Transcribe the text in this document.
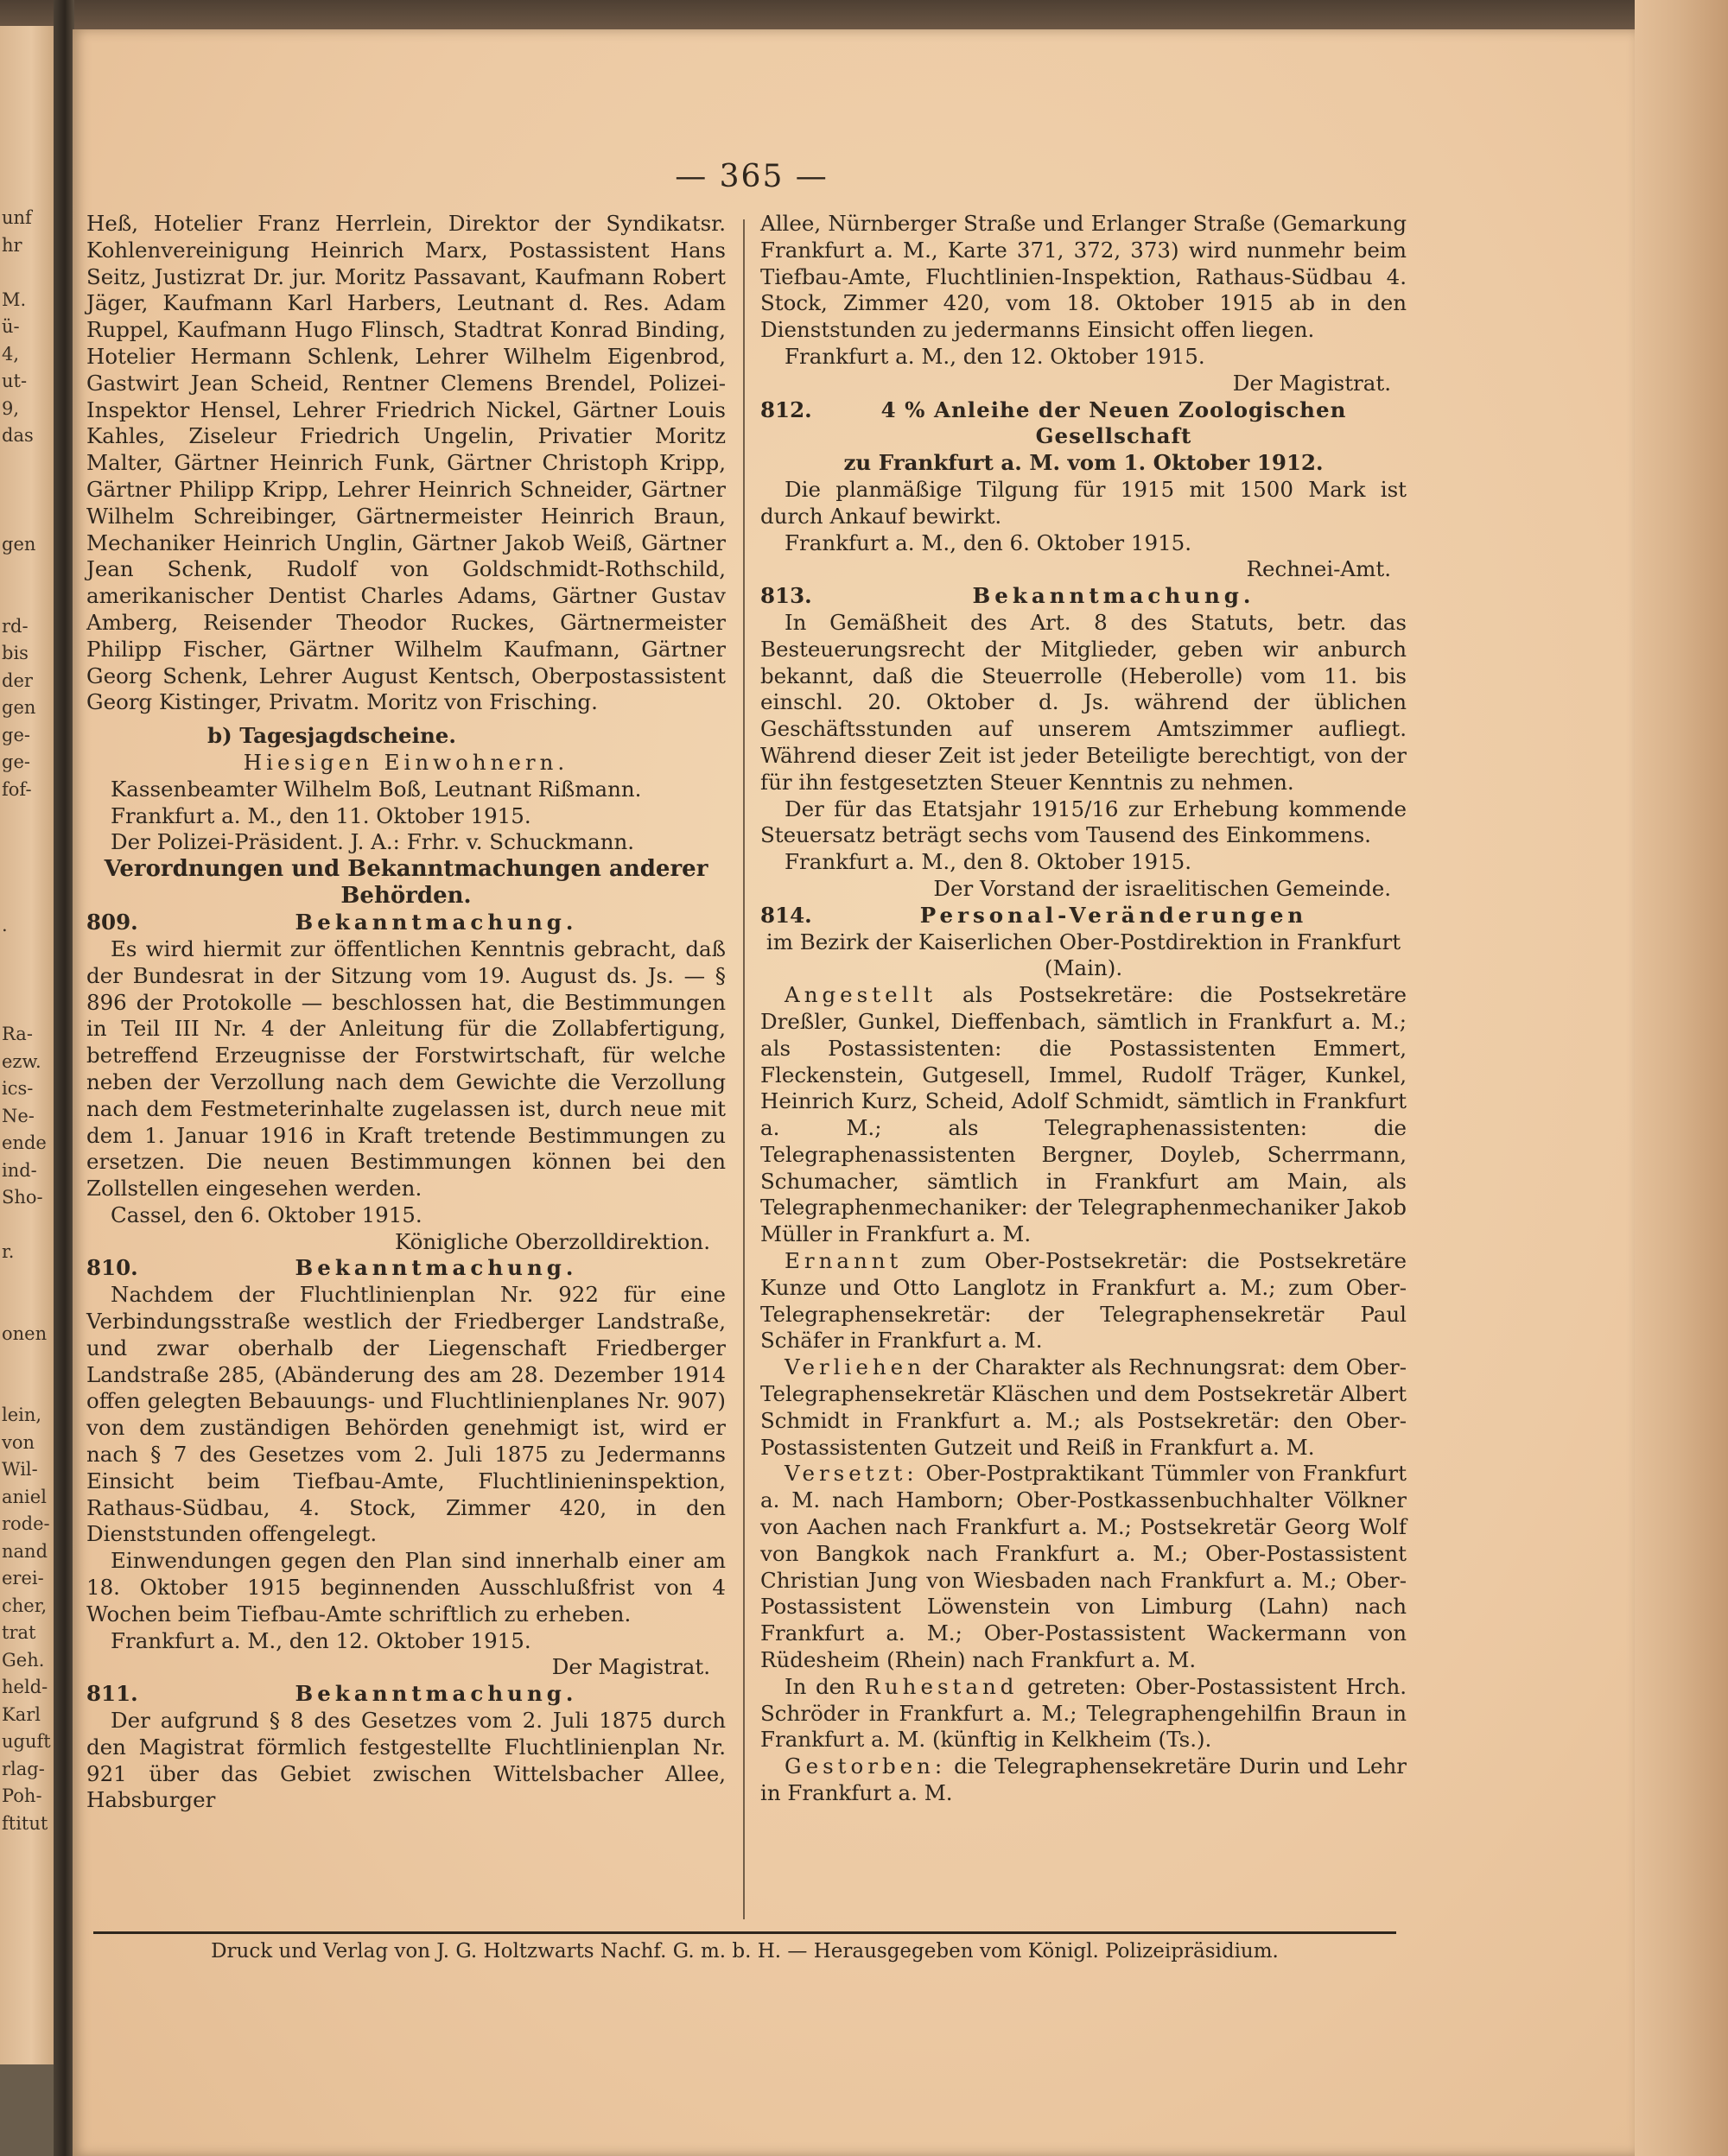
unf
hr
M.
ü-
4,
ut-
9,
das
gen
rd-
bis
der
gen
ge-
ge-
fof-
.
Ra-
ezw.
ics-
Ne-
ende
ind-
Sho-
r.
onen
lein,
von
Wil-
aniel
rode-
nand
erei-
cher,
trat
Geh.
held-
Karl
uguft
rlag-
Poh-
ftitut
— 365 —

Heß, Hotelier Franz Herrlein, Direktor der Syndikatsr. Kohlenvereinigung Heinrich Marx, Postassistent Hans Seitz, Justizrat Dr. jur. Moritz Passavant, Kaufmann Robert Jäger, Kaufmann Karl Harbers, Leutnant d. Res. Adam Ruppel, Kaufmann Hugo Flinsch, Stadtrat Konrad Binding, Hotelier Hermann Schlenk, Lehrer Wilhelm Eigenbrod, Gastwirt Jean Scheid, Rentner Clemens Brendel, Polizei-Inspektor Hensel, Lehrer Friedrich Nickel, Gärtner Louis Kahles, Ziseleur Friedrich Ungelin, Privatier Moritz Malter, Gärtner Heinrich Funk, Gärtner Christoph Kripp, Gärtner Philipp Kripp, Lehrer Heinrich Schneider, Gärtner Wilhelm Schreibinger, Gärtnermeister Heinrich Braun, Mechaniker Heinrich Unglin, Gärtner Jakob Weiß, Gärtner Jean Schenk, Rudolf von Goldschmidt-Rothschild, amerikanischer Dentist Charles Adams, Gärtner Gustav Amberg, Reisender Theodor Ruckes, Gärtnermeister Philipp Fischer, Gärtner Wilhelm Kaufmann, Gärtner Georg Schenk, Lehrer August Kentsch, Oberpostassistent Georg Kistinger, Privatm. Moritz von Frisching.

b) Tagesjagdscheine.
Hiesigen Einwohnern.

Kassenbeamter Wilhelm Boß, Leutnant Rißmann.

Frankfurt a. M., den 11. Oktober 1915.

Der Polizei-Präsident. J. A.: Frhr. v. Schuckmann.

Verordnungen und Bekanntmachungen anderer Behörden.
809.	Bekanntmachung.

Es wird hiermit zur öffentlichen Kenntnis gebracht, daß der Bundesrat in der Sitzung vom 19. August ds. Js. — § 896 der Protokolle — beschlossen hat, die Bestimmungen in Teil III Nr. 4 der Anleitung für die Zollabfertigung, betreffend Erzeugnisse der Forstwirtschaft, für welche neben der Verzollung nach dem Gewichte die Verzollung nach dem Festmeterinhalte zugelassen ist, durch neue mit dem 1. Januar 1916 in Kraft tretende Bestimmungen zu ersetzen. Die neuen Bestimmungen können bei den Zollstellen eingesehen werden.

Cassel, den 6. Oktober 1915.

Königliche Oberzolldirektion.
810.	Bekanntmachung.

Nachdem der Fluchtlinienplan Nr. 922 für eine Verbindungsstraße westlich der Friedberger Landstraße, und zwar oberhalb der Liegenschaft Friedberger Landstraße 285, (Abänderung des am 28. Dezember 1914 offen gelegten Bebauungs- und Fluchtlinienplanes Nr. 907) von dem zuständigen Behörden genehmigt ist, wird er nach § 7 des Gesetzes vom 2. Juli 1875 zu Jedermanns Einsicht beim Tiefbau-Amte, Fluchtlinieninspektion, Rathaus-Südbau, 4. Stock, Zimmer 420, in den Dienststunden offengelegt.

Einwendungen gegen den Plan sind innerhalb einer am 18. Oktober 1915 beginnenden Ausschlußfrist von 4 Wochen beim Tiefbau-Amte schriftlich zu erheben.

Frankfurt a. M., den 12. Oktober 1915.

Der Magistrat.
811.	Bekanntmachung.

Der aufgrund § 8 des Gesetzes vom 2. Juli 1875 durch den Magistrat förmlich festgestellte Fluchtlinienplan Nr. 921 über das Gebiet zwischen Wittelsbacher Allee, Habsburger

Allee, Nürnberger Straße und Erlanger Straße (Gemarkung Frankfurt a. M., Karte 371, 372, 373) wird nunmehr beim Tiefbau-Amte, Fluchtlinien-Inspektion, Rathaus-Südbau 4. Stock, Zimmer 420, vom 18. Oktober 1915 ab in den Dienststunden zu jedermanns Einsicht offen liegen.

Frankfurt a. M., den 12. Oktober 1915.

Der Magistrat.
812.	4 % Anleihe der Neuen Zoologischen Gesellschaft
zu Frankfurt a. M. vom 1. Oktober 1912.

Die planmäßige Tilgung für 1915 mit 1500 Mark ist durch Ankauf bewirkt.

Frankfurt a. M., den 6. Oktober 1915.

Rechnei-Amt.
813.	Bekanntmachung.

In Gemäßheit des Art. 8 des Statuts, betr. das Besteuerungsrecht der Mitglieder, geben wir anburch bekannt, daß die Steuerrolle (Heberolle) vom 11. bis einschl. 20. Oktober d. Js. während der üblichen Geschäftsstunden auf unserem Amtszimmer aufliegt. Während dieser Zeit ist jeder Beteiligte berechtigt, von der für ihn festgesetzten Steuer Kenntnis zu nehmen.

Der für das Etatsjahr 1915/16 zur Erhebung kommende Steuersatz beträgt sechs vom Tausend des Einkommens.

Frankfurt a. M., den 8. Oktober 1915.

Der Vorstand der israelitischen Gemeinde.
814.	Personal-Veränderungen
im Bezirk der Kaiserlichen Ober-Postdirektion in Frankfurt (Main).

Angestellt als Postsekretäre: die Postsekretäre Dreßler, Gunkel, Dieffenbach, sämtlich in Frankfurt a. M.; als Postassistenten: die Postassistenten Emmert, Fleckenstein, Gutgesell, Immel, Rudolf Träger, Kunkel, Heinrich Kurz, Scheid, Adolf Schmidt, sämtlich in Frankfurt a. M.; als Telegraphenassistenten: die Telegraphenassistenten Bergner, Doyleb, Scherrmann, Schumacher, sämtlich in Frankfurt am Main, als Telegraphenmechaniker: der Telegraphenmechaniker Jakob Müller in Frankfurt a. M.

Ernannt zum Ober-Postsekretär: die Postsekretäre Kunze und Otto Langlotz in Frankfurt a. M.; zum Ober-Telegraphensekretär: der Telegraphensekretär Paul Schäfer in Frankfurt a. M.

Verliehen der Charakter als Rechnungsrat: dem Ober-Telegraphensekretär Kläschen und dem Postsekretär Albert Schmidt in Frankfurt a. M.; als Postsekretär: den Ober-Postassistenten Gutzeit und Reiß in Frankfurt a. M.

Versetzt: Ober-Postpraktikant Tümmler von Frankfurt a. M. nach Hamborn; Ober-Postkassenbuchhalter Völkner von Aachen nach Frankfurt a. M.; Postsekretär Georg Wolf von Bangkok nach Frankfurt a. M.; Ober-Postassistent Christian Jung von Wiesbaden nach Frankfurt a. M.; Ober-Postassistent Löwenstein von Limburg (Lahn) nach Frankfurt a. M.; Ober-Postassistent Wackermann von Rüdesheim (Rhein) nach Frankfurt a. M.

In den Ruhestand getreten: Ober-Postassistent Hrch. Schröder in Frankfurt a. M.; Telegraphengehilfin Braun in Frankfurt a. M. (künftig in Kelkheim (Ts.).

Gestorben: die Telegraphensekretäre Durin und Lehr in Frankfurt a. M.

Druck und Verlag von J. G. Holtzwarts Nachf. G. m. b. H. — Herausgegeben vom Königl. Polizeipräsidium.
